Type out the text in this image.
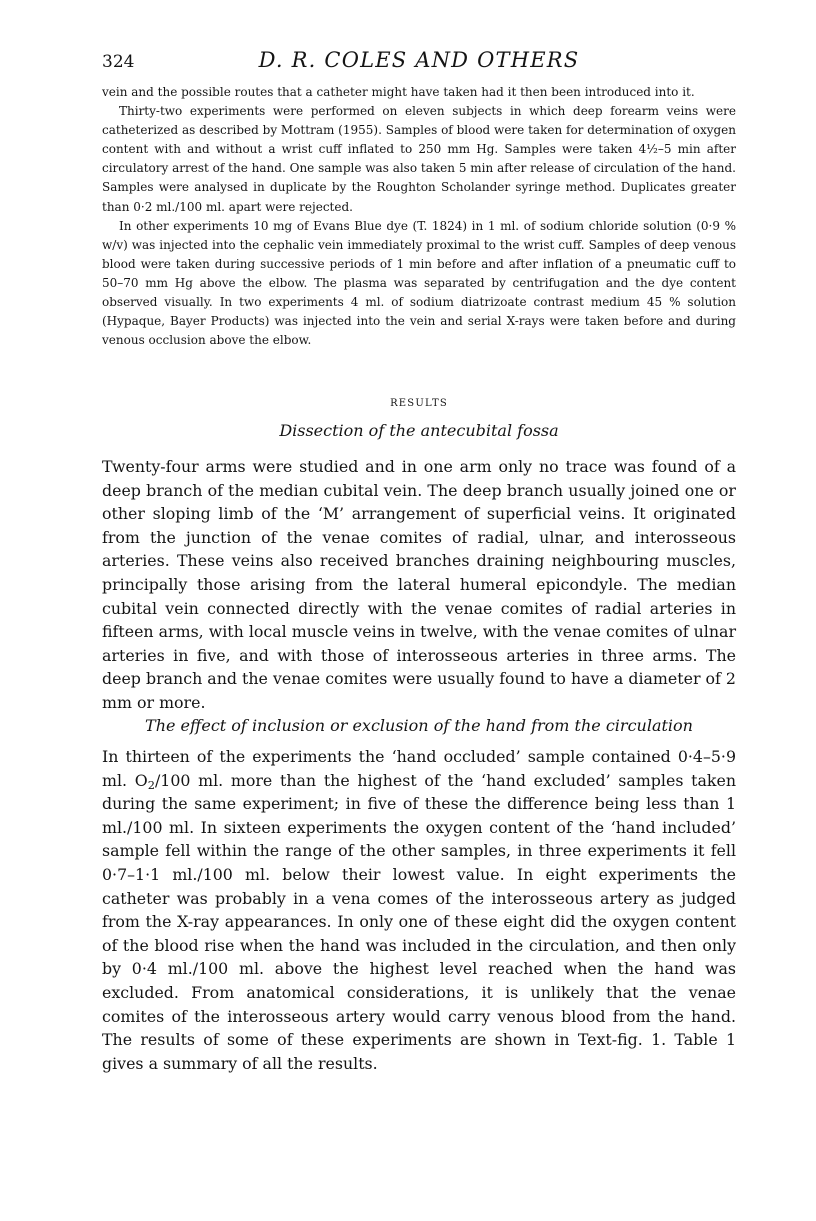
324	D. R. COLES AND OTHERS

vein and the possible routes that a catheter might have taken had it then been introduced into it.

Thirty-two experiments were performed on eleven subjects in which deep forearm veins were catheterized as described by Mottram (1955). Samples of blood were taken for determination of oxygen content with and without a wrist cuff inflated to 250 mm Hg. Samples were taken 4½–5 min after circulatory arrest of the hand. One sample was also taken 5 min after release of circulation of the hand. Samples were analysed in duplicate by the Roughton Scholander syringe method. Duplicates greater than 0·2 ml./100 ml. apart were rejected.

In other experiments 10 mg of Evans Blue dye (T. 1824) in 1 ml. of sodium chloride solution (0·9 % w/v) was injected into the cephalic vein immediately proximal to the wrist cuff. Samples of deep venous blood were taken during successive periods of 1 min before and after inflation of a pneumatic cuff to 50–70 mm Hg above the elbow. The plasma was separated by centrifugation and the dye content observed visually. In two experiments 4 ml. of sodium diatrizoate contrast medium 45 % solution (Hypaque, Bayer Products) was injected into the vein and serial X-rays were taken before and during venous occlusion above the elbow.

RESULTS
Dissection of the antecubital fossa

Twenty-four arms were studied and in one arm only no trace was found of a deep branch of the median cubital vein. The deep branch usually joined one or other sloping limb of the ‘M’ arrangement of superficial veins. It originated from the junction of the venae comites of radial, ulnar, and interosseous arteries. These veins also received branches draining neighbouring muscles, principally those arising from the lateral humeral epicondyle. The median cubital vein connected directly with the venae comites of radial arteries in fifteen arms, with local muscle veins in twelve, with the venae comites of ulnar arteries in five, and with those of interosseous arteries in three arms. The deep branch and the venae comites were usually found to have a diameter of 2 mm or more.

The effect of inclusion or exclusion of the hand from the circulation

In thirteen of the experiments the ‘hand occluded’ sample contained 0·4–5·9 ml. O2/100 ml. more than the highest of the ‘hand excluded’ samples taken during the same experiment; in five of these the difference being less than 1 ml./100 ml. In sixteen experiments the oxygen content of the ‘hand included’ sample fell within the range of the other samples, in three experiments it fell 0·7–1·1 ml./100 ml. below their lowest value. In eight experiments the catheter was probably in a vena comes of the interosseous artery as judged from the X-ray appearances. In only one of these eight did the oxygen content of the blood rise when the hand was included in the circulation, and then only by 0·4 ml./100 ml. above the highest level reached when the hand was excluded. From anatomical considerations, it is unlikely that the venae comites of the interosseous artery would carry venous blood from the hand. The results of some of these experiments are shown in Text-fig. 1. Table 1 gives a summary of all the results.
